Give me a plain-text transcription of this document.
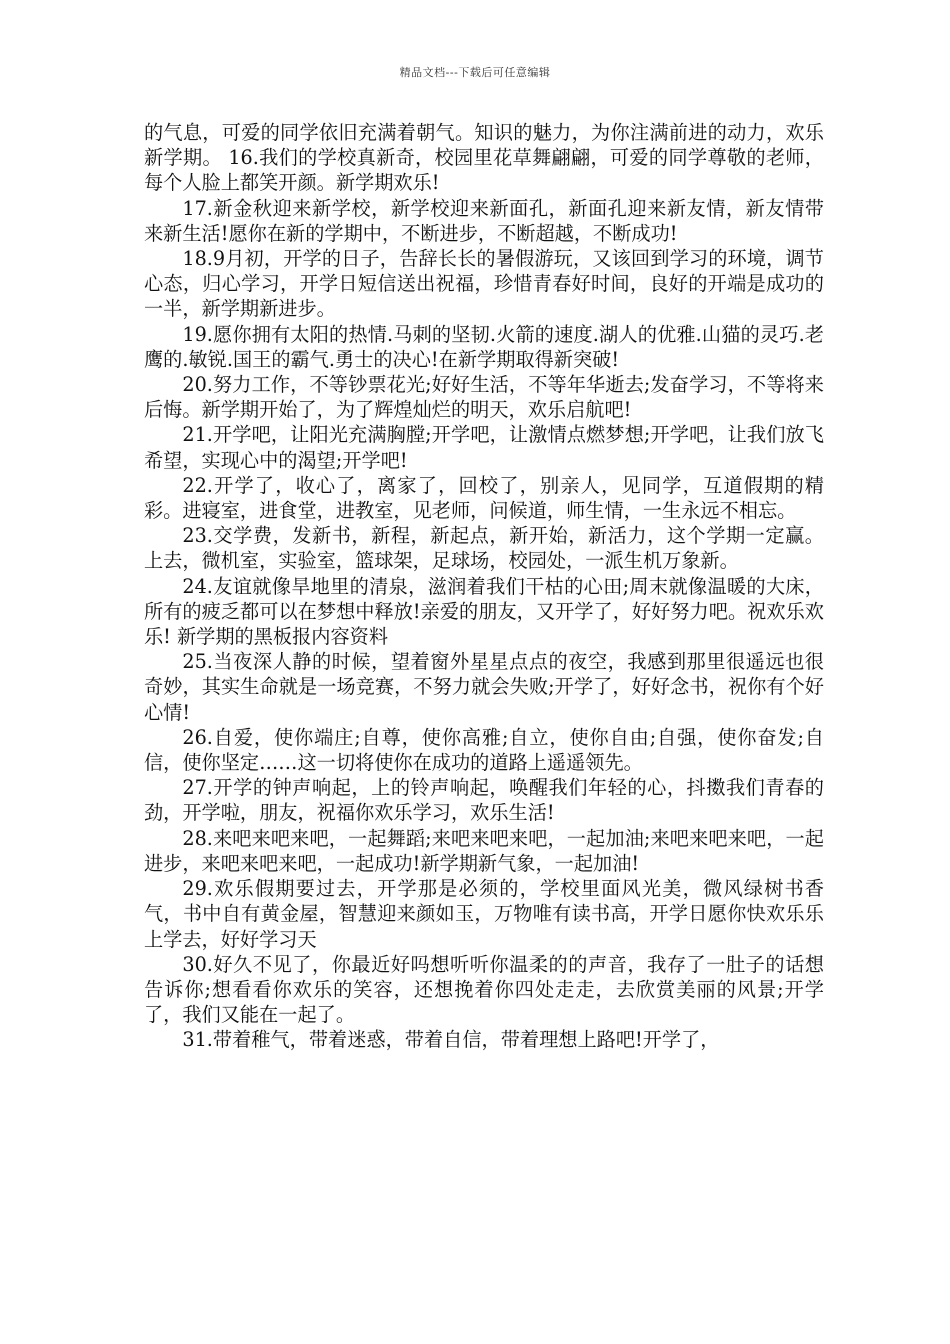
精品文档---下载后可任意编辑

的气息，可爱的同学依旧充满着朝气。知识的魅力，为你注满前进的动力，欢乐新学期。 16.我们的学校真新奇，校园里花草舞翩翩，可爱的同学尊敬的老师，每个人脸上都笑开颜。新学期欢乐!

17.新金秋迎来新学校，新学校迎来新面孔，新面孔迎来新友情，新友情带来新生活!愿你在新的学期中，不断进步，不断超越，不断成功!

18.9月初，开学的日子，告辞长长的暑假游玩，又该回到学习的环境，调节心态，归心学习，开学日短信送出祝福，珍惜青春好时间，良好的开端是成功的一半，新学期新进步。

19.愿你拥有太阳的热情.马刺的坚韧.火箭的速度.湖人的优雅.山猫的灵巧.老鹰的.敏锐.国王的霸气.勇士的决心!在新学期取得新突破!

20.努力工作，不等钞票花光;好好生活，不等年华逝去;发奋学习，不等将来后悔。新学期开始了，为了辉煌灿烂的明天，欢乐启航吧!

21.开学吧，让阳光充满胸膛;开学吧，让激情点燃梦想;开学吧，让我们放飞希望，实现心中的渴望;开学吧!

22.开学了，收心了，离家了，回校了，别亲人，见同学，互道假期的精彩。进寝室，进食堂，进教室，见老师，问候道，师生情，一生永远不相忘。

23.交学费，发新书，新程，新起点，新开始，新活力，这个学期一定赢。上去，微机室，实验室，篮球架，足球场，校园处，一派生机万象新。

24.友谊就像旱地里的清泉，滋润着我们干枯的心田;周末就像温暖的大床，所有的疲乏都可以在梦想中释放!亲爱的朋友，又开学了，好好努力吧。祝欢乐欢乐! 新学期的黑板报内容资料

25.当夜深人静的时候，望着窗外星星点点的夜空，我感到那里很遥远也很奇妙，其实生命就是一场竞赛，不努力就会失败;开学了，好好念书，祝你有个好心情!

26.自爱，使你端庄;自尊，使你高雅;自立，使你自由;自强，使你奋发;自信，使你坚定……这一切将使你在成功的道路上遥遥领先。

27.开学的钟声响起，上的铃声响起，唤醒我们年轻的心，抖擞我们青春的劲，开学啦，朋友，祝福你欢乐学习，欢乐生活!

28.来吧来吧来吧，一起舞蹈;来吧来吧来吧，一起加油;来吧来吧来吧，一起进步，来吧来吧来吧，一起成功!新学期新气象，一起加油!

29.欢乐假期要过去，开学那是必须的，学校里面风光美，微风绿树书香气，书中自有黄金屋，智慧迎来颜如玉，万物唯有读书高，开学日愿你快欢乐乐上学去，好好学习天

30.好久不见了，你最近好吗想听听你温柔的的声音，我存了一肚子的话想告诉你;想看看你欢乐的笑容，还想挽着你四处走走，去欣赏美丽的风景;开学了，我们又能在一起了。

31.带着稚气，带着迷惑，带着自信，带着理想上路吧!开学了，
